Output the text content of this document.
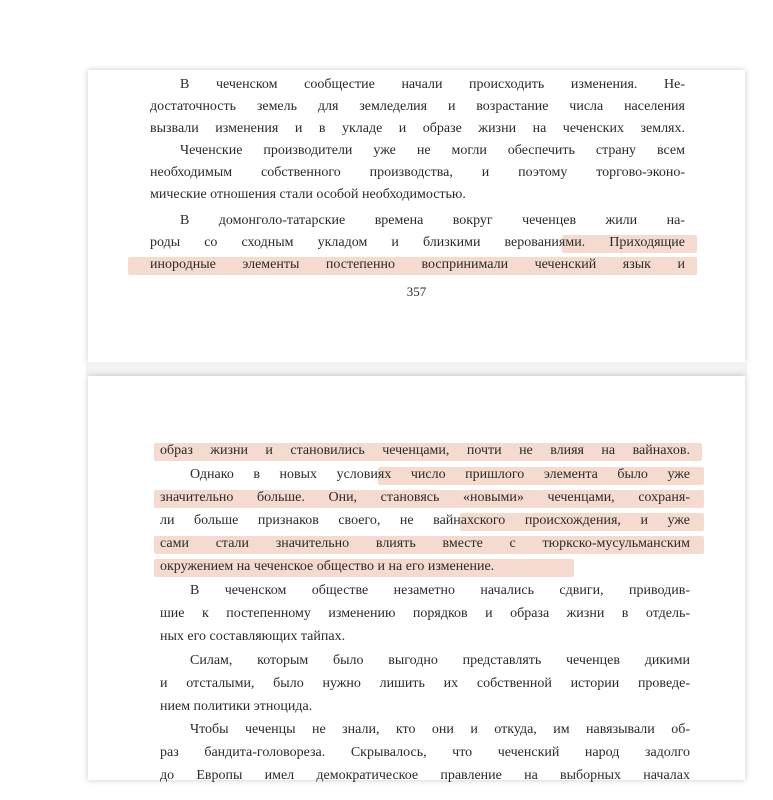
В чеченском сообщестие начали происходить изменения. Не-
достаточность земель для земледелия и возрастание числа населения
вызвали изменения и в укладе и образе жизни на чеченских землях.
Чеченские производители уже не могли обеспечить страну всем
необходимым собственного производства, и поэтому торгово-эконо-
мические отношения стали особой необходимостью.
В домонголо-татарские времена вокруг чеченцев жили на-
роды со сходным укладом и близкими верованиями. Приходящие
инородные элементы постепенно воспринимали чеченский язык и
357
образ жизни и становились чеченцами, почти не влияя на вайнахов.
Однако в новых условиях число пришлого элемента было уже
значительно больше. Они, становясь «новыми» чеченцами, сохраня-
ли больше признаков своего, не вайнахского происхождения, и уже
сами стали значительно влиять вместе с тюркско-мусульманским
окружением на чеченское общество и на его изменение.
В чеченском обществе незаметно начались сдвиги, приводив-
шие к постепенному изменению порядков и образа жизни в отдель-
ных его составляющих тайпах.
Силам, которым было выгодно представлять чеченцев дикими
и отсталыми, было нужно лишить их собственной истории проведе-
нием политики этноцида.
Чтобы чеченцы не знали, кто они и откуда, им навязывали об-
раз бандита-головореза. Скрывалось, что чеченский народ задолго
до Европы имел демократическое правление на выборных началах
